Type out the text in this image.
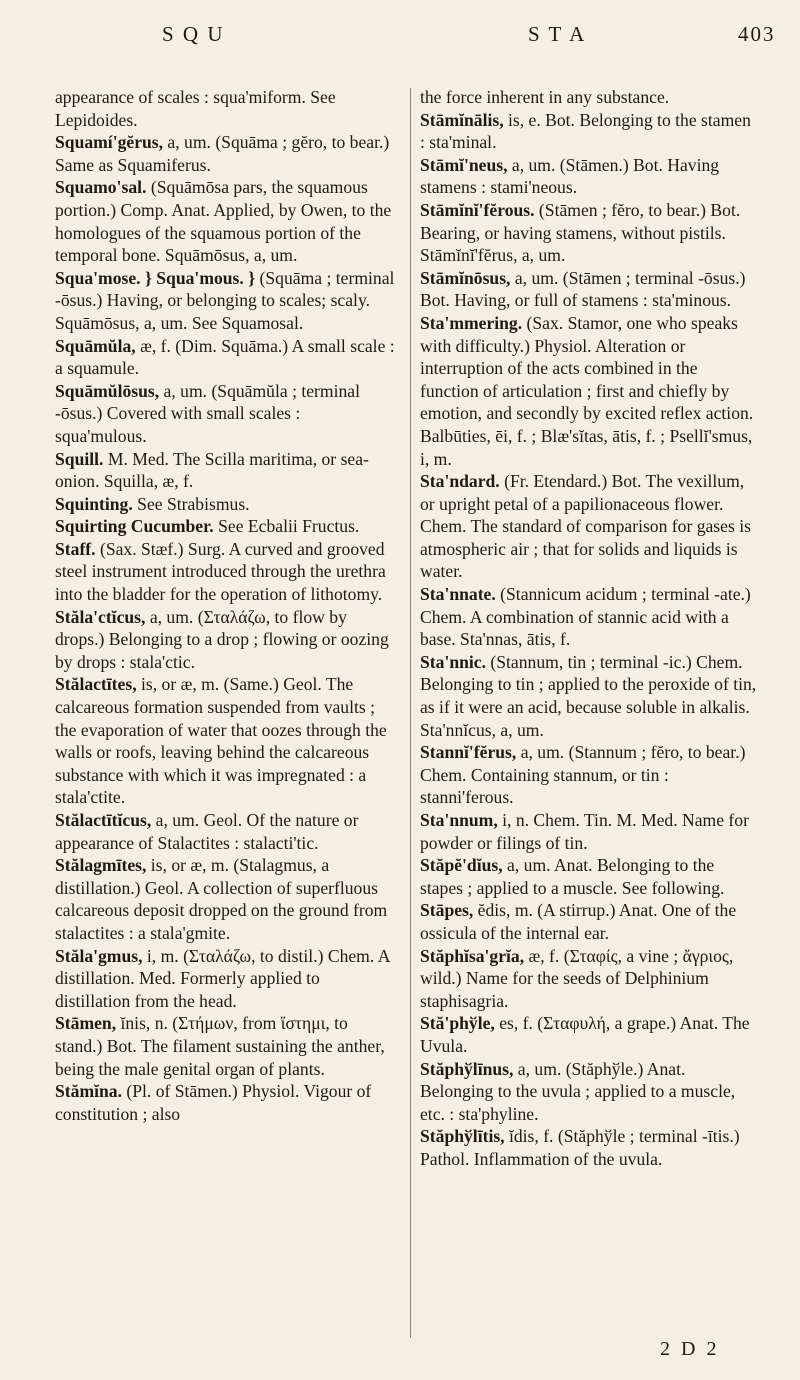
S Q U	S T A	403

appearance of scales : squa'miform. See Lepidoides.

Squamí'gĕrus, a, um. (Squāma ; gĕro, to bear.) Same as Squamiferus.

Squamo'sal. (Squāmōsa pars, the squamous portion.) Comp. Anat. Applied, by Owen, to the homologues of the squamous portion of the temporal bone. Squāmōsus, a, um.

Squa'mose. } Squa'mous. } (Squāma ; terminal -ōsus.) Having, or belonging to scales; scaly. Squāmōsus, a, um. See Squamosal.

Squāmŭla, æ, f. (Dim. Squāma.) A small scale : a squamule.

Squāmŭlōsus, a, um. (Squāmŭla ; terminal -ōsus.) Covered with small scales : squa'mulous.

Squill. M. Med. The Scilla maritima, or sea-onion. Squilla, æ, f.

Squinting. See Strabismus.

Squirting Cucumber. See Ecbalii Fructus.

Staff. (Sax. Stæf.) Surg. A curved and grooved steel instrument introduced through the urethra into the bladder for the operation of lithotomy.

Stăla'ctĭcus, a, um. (Σταλάζω, to flow by drops.) Belonging to a drop ; flowing or oozing by drops : stala'ctic.

Stălactītes, is, or æ, m. (Same.) Geol. The calcareous formation suspended from vaults ; the evaporation of water that oozes through the walls or roofs, leaving behind the calcareous substance with which it was impregnated : a stala'ctite.

Stălactītĭcus, a, um. Geol. Of the nature or appearance of Stalactites : stalacti'tic.

Stălagmītes, is, or æ, m. (Stalagmus, a distillation.) Geol. A collection of superfluous calcareous deposit dropped on the ground from stalactites : a stala'gmite.

Stăla'gmus, i, m. (Σταλάζω, to distil.) Chem. A distillation. Med. Formerly applied to distillation from the head.

Stāmen, ĭnis, n. (Στήμων, from ἵστημι, to stand.) Bot. The filament sustaining the anther, being the male genital organ of plants.

Stămĭna. (Pl. of Stāmen.) Physiol. Vigour of constitution ; also

the force inherent in any substance.

Stāmĭnālis, is, e. Bot. Belonging to the stamen : sta'minal.

Stāmĭ'neus, a, um. (Stāmen.) Bot. Having stamens : stami'neous.

Stāmĭnĭ'fĕrous. (Stāmen ; fĕro, to bear.) Bot. Bearing, or having stamens, without pistils. Stāmĭnĭ'fĕrus, a, um.

Stāmĭnōsus, a, um. (Stāmen ; terminal -ōsus.) Bot. Having, or full of stamens : sta'minous.

Sta'mmering. (Sax. Stamor, one who speaks with difficulty.) Physiol. Alteration or interruption of the acts combined in the function of articulation ; first and chiefly by emotion, and secondly by excited reflex action. Balbūties, ēi, f. ; Blæ'sĭtas, ātis, f. ; Psellĭ'smus, i, m.

Sta'ndard. (Fr. Etendard.) Bot. The vexillum, or upright petal of a papilionaceous flower. Chem. The standard of comparison for gases is atmospheric air ; that for solids and liquids is water.

Sta'nnate. (Stannicum acidum ; terminal -ate.) Chem. A combination of stannic acid with a base. Sta'nnas, ātis, f.

Sta'nnic. (Stannum, tin ; terminal -ic.) Chem. Belonging to tin ; applied to the peroxide of tin, as if it were an acid, because soluble in alkalis. Sta'nnĭcus, a, um.

Stannĭ'fĕrus, a, um. (Stannum ; fĕro, to bear.) Chem. Containing stannum, or tin : stanni'ferous.

Sta'nnum, i, n. Chem. Tin. M. Med. Name for powder or filings of tin.

Stăpĕ'dĭus, a, um. Anat. Belonging to the stapes ; applied to a muscle. See following.

Stāpes, ĕdis, m. (A stirrup.) Anat. One of the ossicula of the internal ear.

Stăphĭsa'grĭa, æ, f. (Σταφίς, a vine ; ἄγριος, wild.) Name for the seeds of Delphinium staphisagria.

Stă'phўle, es, f. (Σταφυλή, a grape.) Anat. The Uvula.

Stăphўlīnus, a, um. (Stăphўle.) Anat. Belonging to the uvula ; applied to a muscle, etc. : sta'phyline.

Stăphўlītis, ĭdis, f. (Stăphўle ; terminal -ītis.) Pathol. Inflammation of the uvula.

2 D 2
